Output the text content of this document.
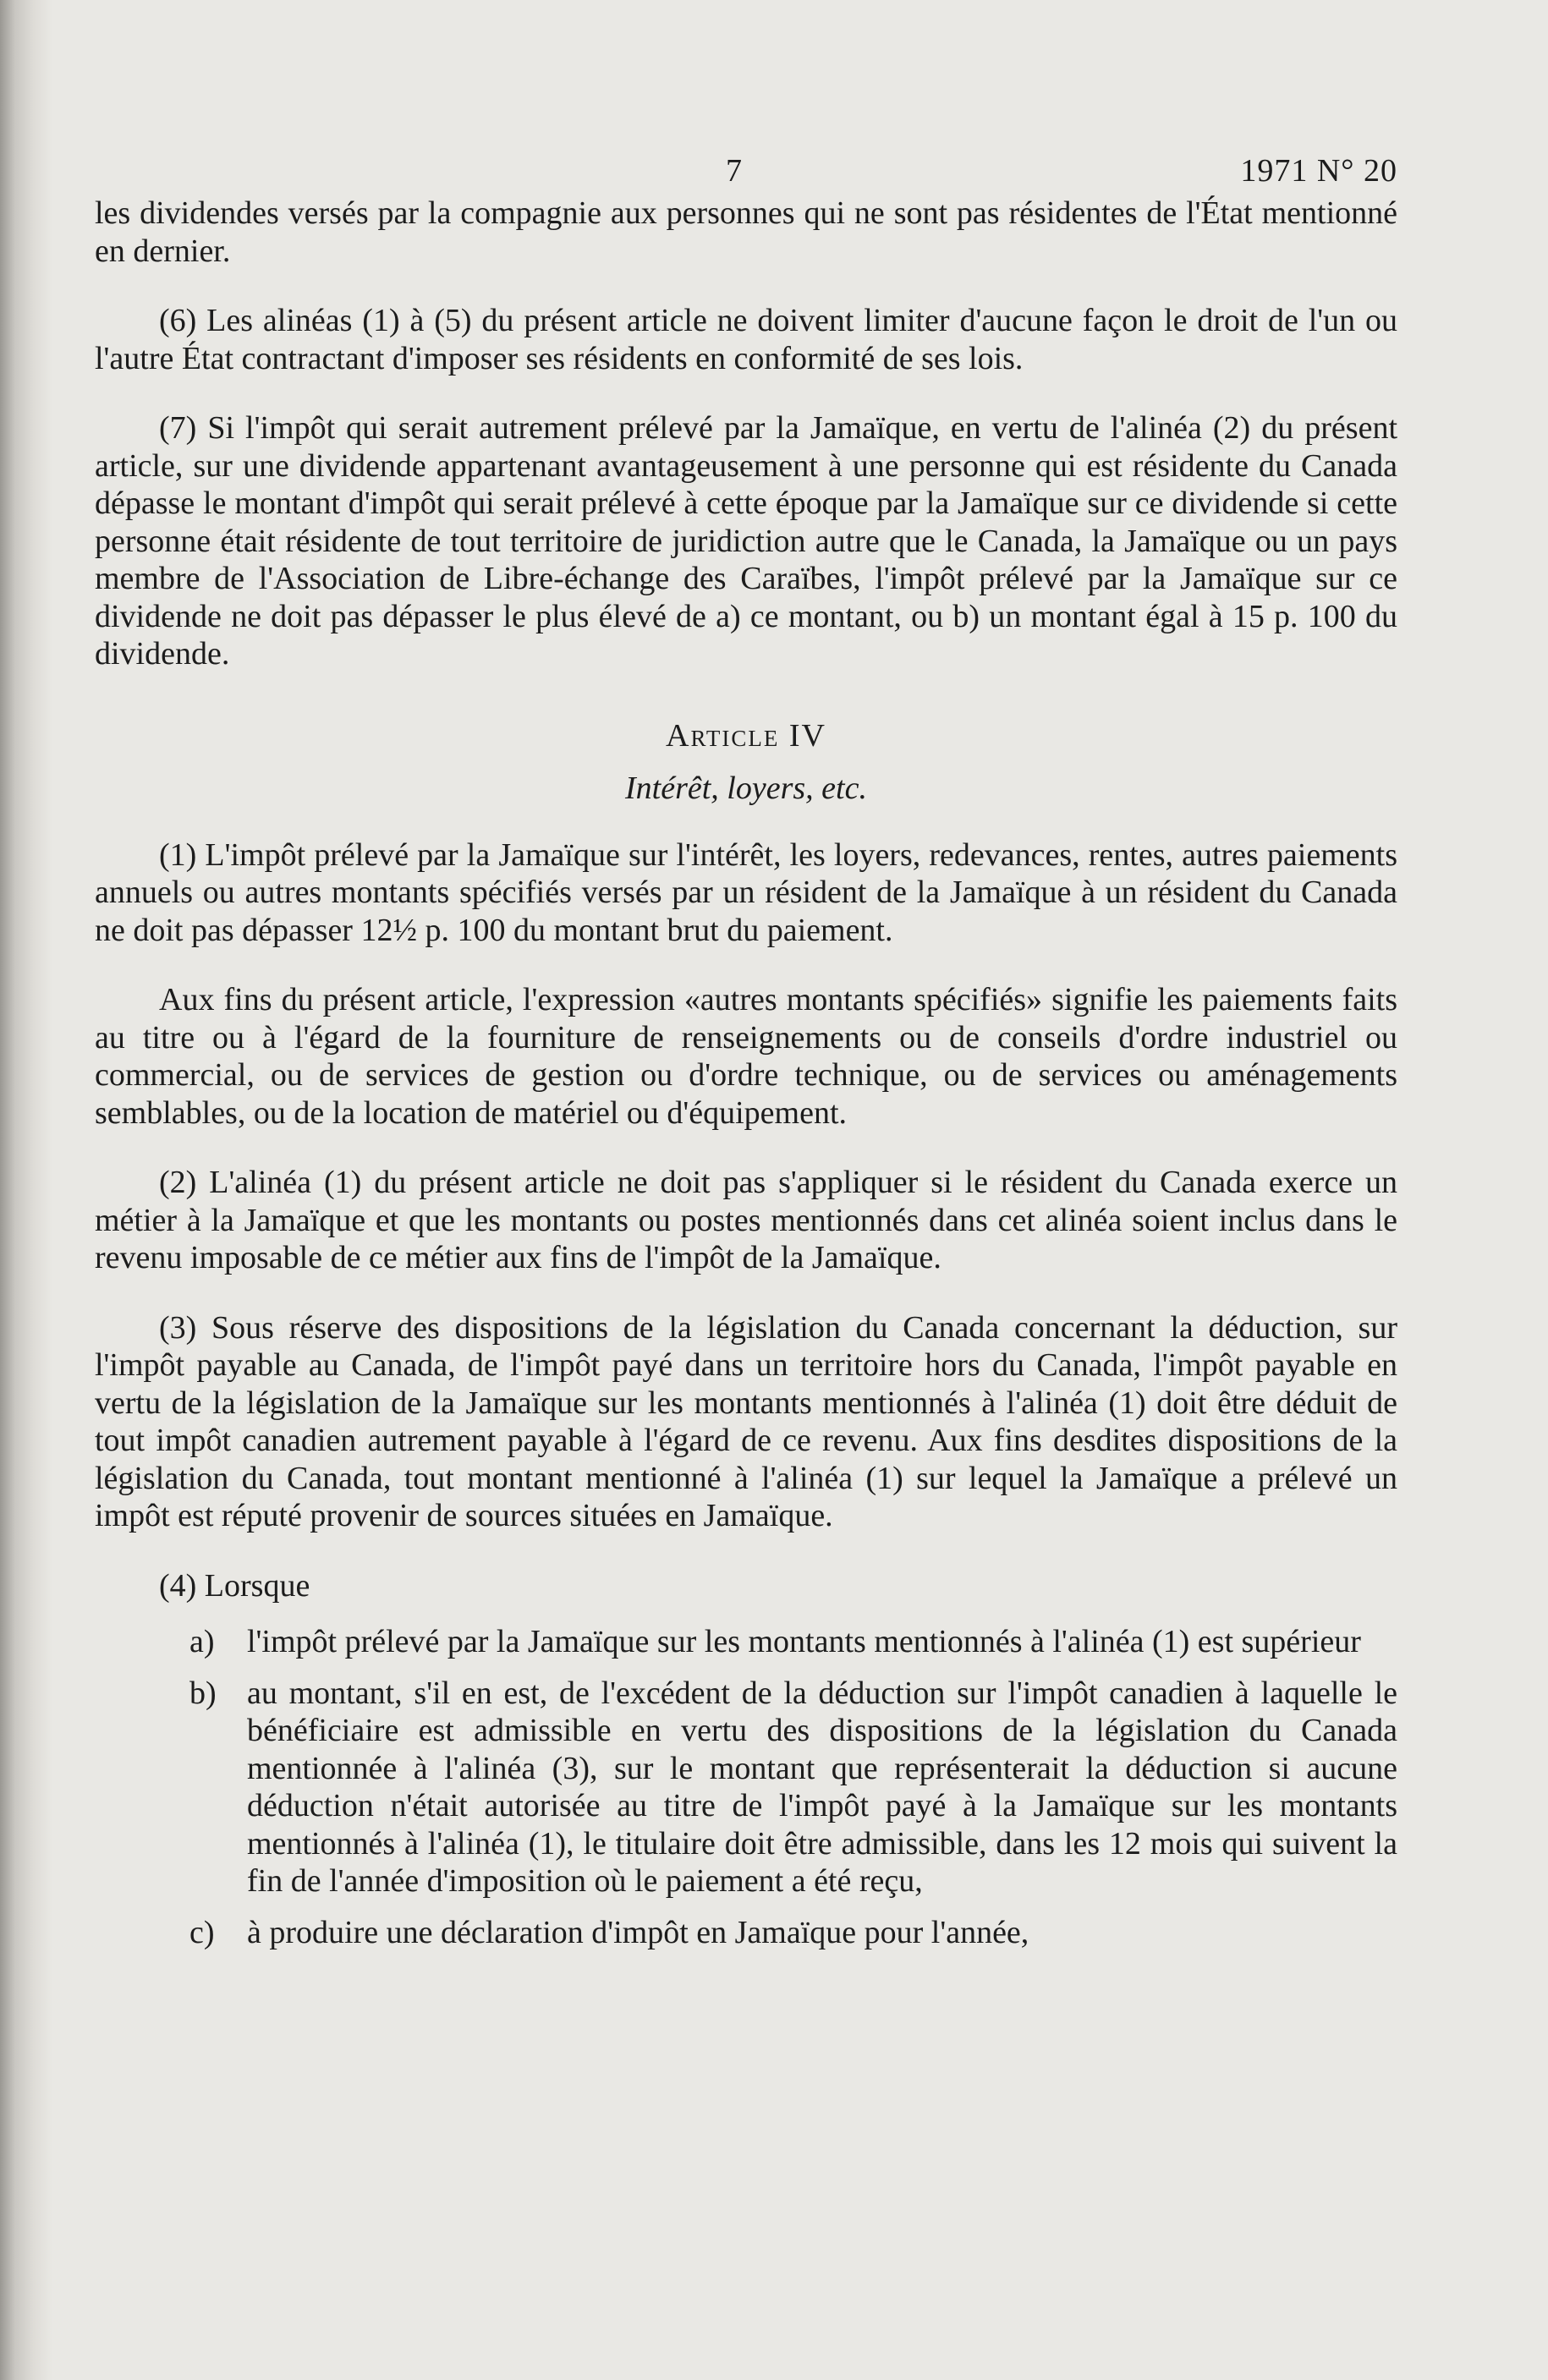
7	1971 N° 20

les dividendes versés par la compagnie aux personnes qui ne sont pas résidentes de l'État mentionné en dernier.

(6) Les alinéas (1) à (5) du présent article ne doivent limiter d'aucune façon le droit de l'un ou l'autre État contractant d'imposer ses résidents en conformité de ses lois.

(7) Si l'impôt qui serait autrement prélevé par la Jamaïque, en vertu de l'alinéa (2) du présent article, sur une dividende appartenant avantageusement à une personne qui est résidente du Canada dépasse le montant d'impôt qui serait prélevé à cette époque par la Jamaïque sur ce dividende si cette personne était résidente de tout territoire de juridiction autre que le Canada, la Jamaïque ou un pays membre de l'Association de Libre-échange des Caraïbes, l'impôt prélevé par la Jamaïque sur ce dividende ne doit pas dépasser le plus élevé de a) ce montant, ou b) un montant égal à 15 p. 100 du dividende.

Article IV
Intérêt, loyers, etc.

(1) L'impôt prélevé par la Jamaïque sur l'intérêt, les loyers, redevances, rentes, autres paiements annuels ou autres montants spécifiés versés par un résident de la Jamaïque à un résident du Canada ne doit pas dépasser 12½ p. 100 du montant brut du paiement.

Aux fins du présent article, l'expression «autres montants spécifiés» signifie les paiements faits au titre ou à l'égard de la fourniture de renseignements ou de conseils d'ordre industriel ou commercial, ou de services de gestion ou d'ordre technique, ou de services ou aménagements semblables, ou de la location de matériel ou d'équipement.

(2) L'alinéa (1) du présent article ne doit pas s'appliquer si le résident du Canada exerce un métier à la Jamaïque et que les montants ou postes mentionnés dans cet alinéa soient inclus dans le revenu imposable de ce métier aux fins de l'impôt de la Jamaïque.

(3) Sous réserve des dispositions de la législation du Canada concernant la déduction, sur l'impôt payable au Canada, de l'impôt payé dans un territoire hors du Canada, l'impôt payable en vertu de la législation de la Jamaïque sur les montants mentionnés à l'alinéa (1) doit être déduit de tout impôt canadien autrement payable à l'égard de ce revenu. Aux fins desdites dispositions de la législation du Canada, tout montant mentionné à l'alinéa (1) sur lequel la Jamaïque a prélevé un impôt est réputé provenir de sources situées en Jamaïque.

(4) Lorsque

a)	l'impôt prélevé par la Jamaïque sur les montants mentionnés à l'alinéa (1) est supérieur
b) au montant, s'il en est, de l'excédent de la déduction sur l'impôt canadien à laquelle le bénéficiaire est admissible en vertu des dispositions de la législation du Canada mentionnée à l'alinéa (3), sur le montant que représenterait la déduction si aucune déduction n'était autorisée au titre de l'impôt payé à la Jamaïque sur les montants mentionnés à l'alinéa (1), le titulaire doit être admissible, dans les 12 mois qui suivent la fin de l'année d'imposition où le paiement a été reçu,
c)	à produire une déclaration d'impôt en Jamaïque pour l'année,
